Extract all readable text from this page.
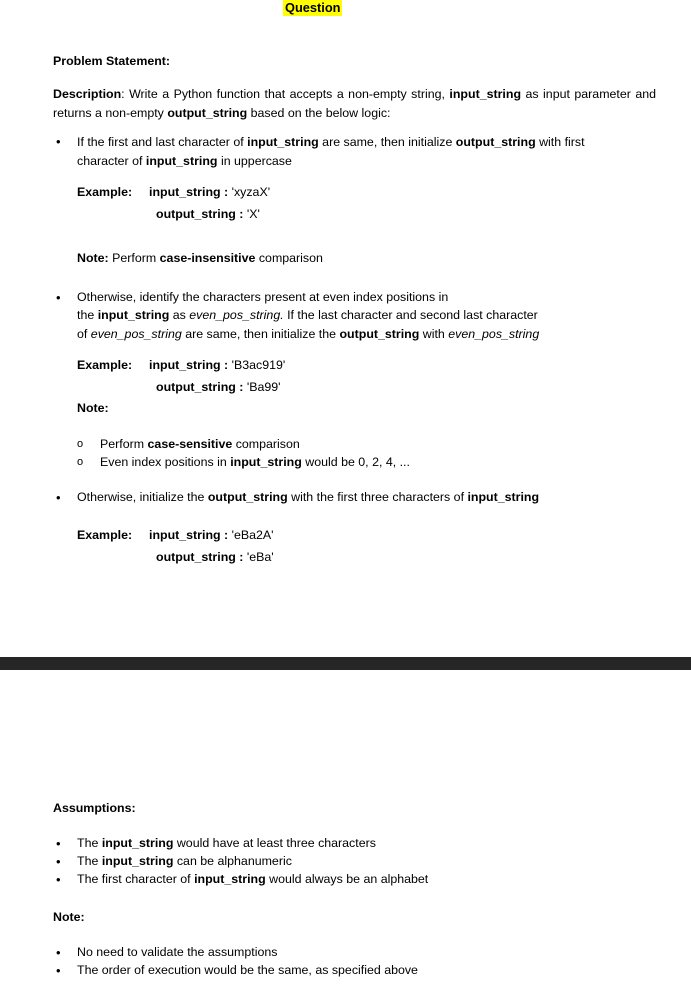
Question
Problem Statement:
Description: Write a Python function that accepts a non-empty string, input_string as input parameter and returns a non-empty output_string based on the below logic:
• If the first and last character of input_string are same, then initialize output_string with first
character of input_string in uppercase
Example: input_string : 'xyzaX'
output_string : 'X'
Note: Perform case-insensitive comparison
• Otherwise, identify the characters present at even index positions in
the input_string as even_pos_string. If the last character and second last character
of even_pos_string are same, then initialize the output_string with even_pos_string
Example: input_string : 'B3ac919'
output_string : 'Ba99'
Note:
o Perform case-sensitive comparison
o Even index positions in input_string would be 0, 2, 4, ...
• Otherwise, initialize the output_string with the first three characters of input_string
Example: input_string : 'eBa2A'
output_string : 'eBa'
Assumptions:
• The input_string would have at least three characters
• The input_string can be alphanumeric
• The first character of input_string would always be an alphabet
Note:
• No need to validate the assumptions
• The order of execution would be the same, as specified above
